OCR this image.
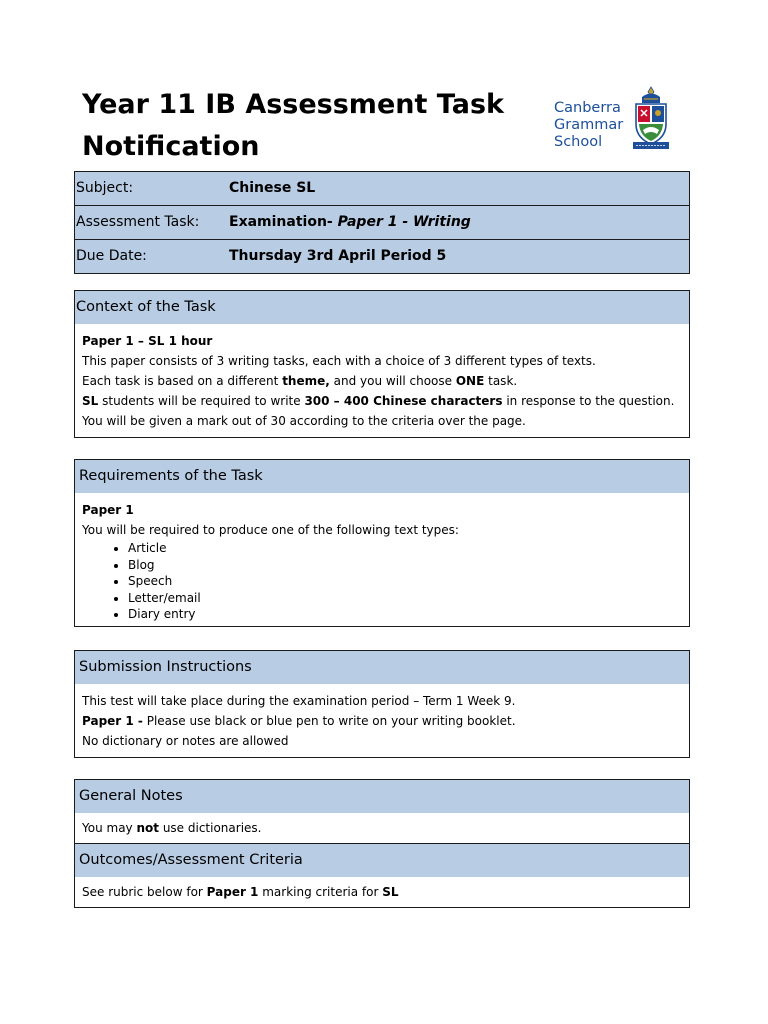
Year 11 IB Assessment Task
Notification
Canberra
Grammar
School
Subject:	Chinese SL
Assessment Task: Examination- Paper 1 - Writing
Due Date:	Thursday 3rd April Period 5
Context of the Task
Paper 1 – SL 1 hour
This paper consists of 3 writing tasks, each with a choice of 3 different types of texts.
Each task is based on a different theme, and you will choose ONE task.
SL students will be required to write 300 – 400 Chinese characters in response to the question.
You will be given a mark out of 30 according to the criteria over the page.
Requirements of the Task
Paper 1
You will be required to produce one of the following text types:
• Article
• Blog
• Speech
• Letter/email
• Diary entry
Submission Instructions
This test will take place during the examination period – Term 1 Week 9.
Paper 1 - Please use black or blue pen to write on your writing booklet.
No dictionary or notes are allowed
General Notes
You may not use dictionaries.
Outcomes/Assessment Criteria
See rubric below for Paper 1 marking criteria for SL
